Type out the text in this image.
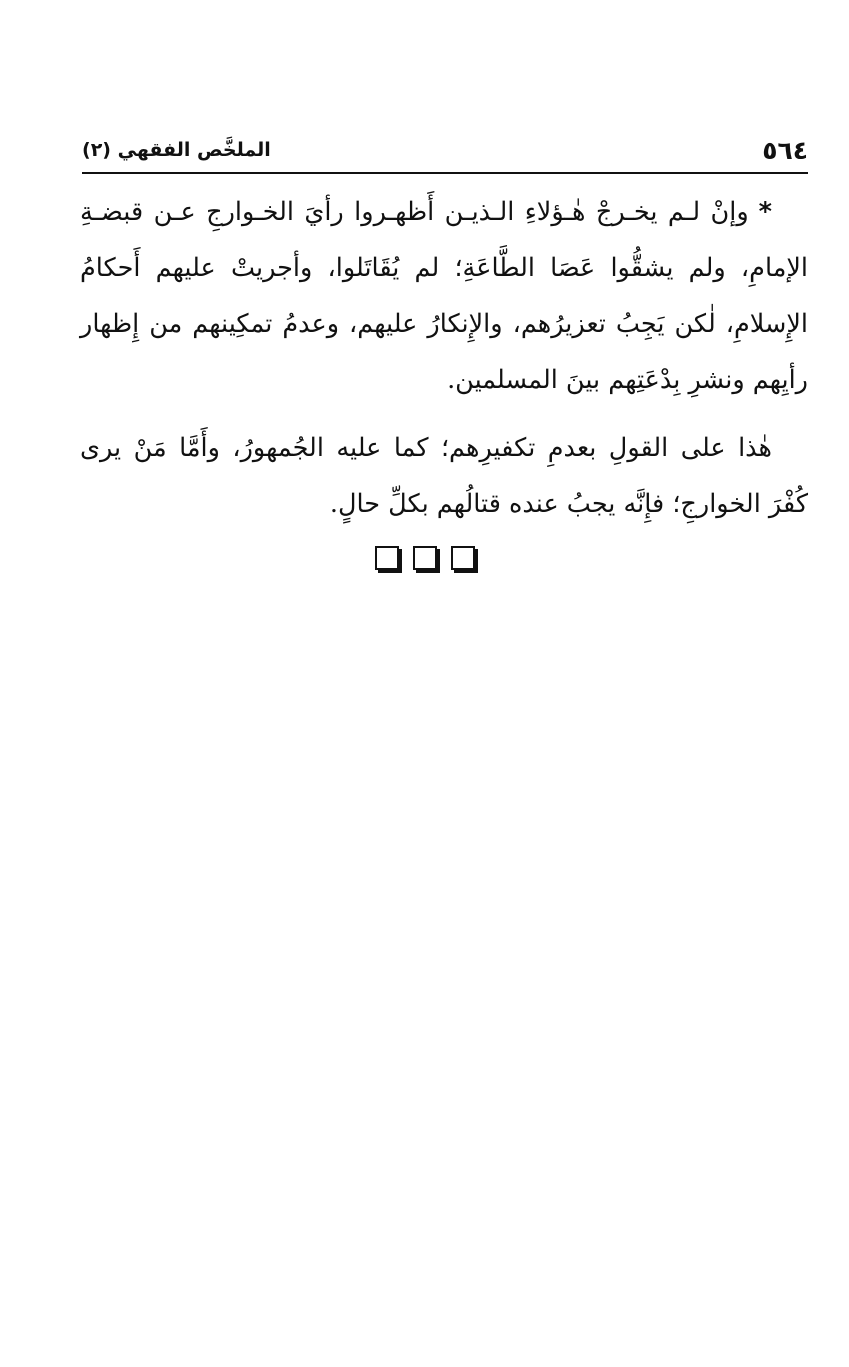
٥٦٤
الملخَّص الفقهي (٢)

*وإنْ لـم يخـرجْ هٰـؤلاءِ الـذيـن أَظهـروا رأيَ الخـوارجِ عـن قبضـةِ الإمامِ، ولم يشقُّوا عَصَا الطَّاعَةِ؛ لم يُقَاتَلوا، وأجريتْ عليهم أَحكامُ الإِسلامِ، لٰكن يَجِبُ تعزيرُهم، والإِنكارُ عليهم، وعدمُ تمكِينهم من إِظهار رأيِهم ونشرِ بِدْعَتِهم بينَ المسلمين.

هٰذا على القولِ بعدمِ تكفيرِهم؛ كما عليه الجُمهورُ، وأَمَّا مَنْ يرى كُفْرَ الخوارجِ؛ فإِنَّه يجبُ عنده قتالُهم بكلِّ حالٍ.
